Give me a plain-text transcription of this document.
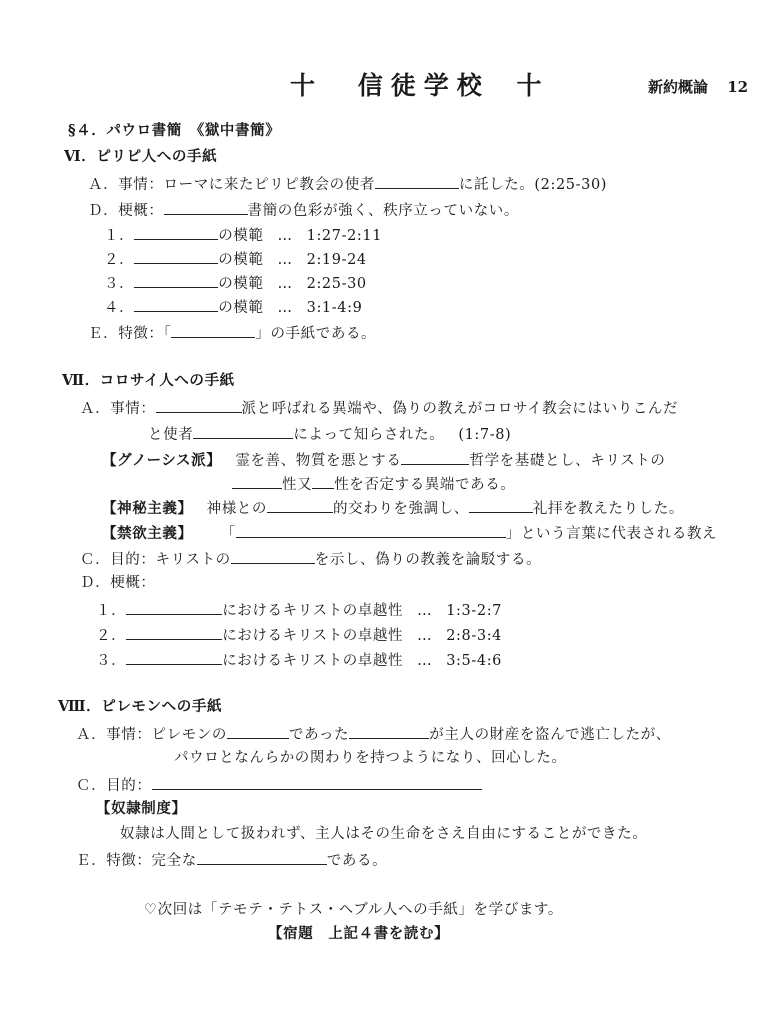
十 信徒学校 十	新約概論 12
§４．パウロ書簡　《獄中書簡》
Ⅵ．ピリピ人への手紙
Ａ．事情：ローマに来たピリピ教会の使者	に託した。(2:25-30)
Ｄ．梗概：	書簡の色彩が強く、秩序立っていない。
１．	の模範 … 1:27-2:11
２．	の模範 … 2:19-24
３．	の模範 … 2:25-30
４．	の模範 … 3:1-4:9
Ｅ．特徴：「	」の手紙である。
Ⅶ．コロサイ人への手紙
Ａ．事情：	派と呼ばれる異端や、偽りの教えがコロサイ教会にはいりこんだ
と使者	によって知らされた。 (1:7-8)
【グノーシス派】 霊を善、物質を悪とする	哲学を基礎とし、キリストの
性又 性を否定する異端である。
【神秘主義】 神様との	的交わりを強調し、	礼拝を教えたりした。
【禁欲主義】 「	」という言葉に代表される教え
Ｃ．目的：キリストの	を示し、偽りの教義を論駁する。
Ｄ．梗概：
１．	におけるキリストの卓越性 … 1:3-2:7
２．	におけるキリストの卓越性 … 2:8-3:4
３．	におけるキリストの卓越性 … 3:5-4:6
Ⅷ．ピレモンへの手紙
Ａ．事情：ピレモンの	であった	が主人の財産を盗んで逃亡したが、
パウロとなんらかの関わりを持つようになり、回心した。
Ｃ．目的：
【奴隷制度】
奴隷は人間として扱われず、主人はその生命をさえ自由にすることができた。
Ｅ．特徴：完全な	である。
♡次回は「テモテ・テトス・ヘブル人への手紙」を学びます。
【宿題　上記４書を読む】
